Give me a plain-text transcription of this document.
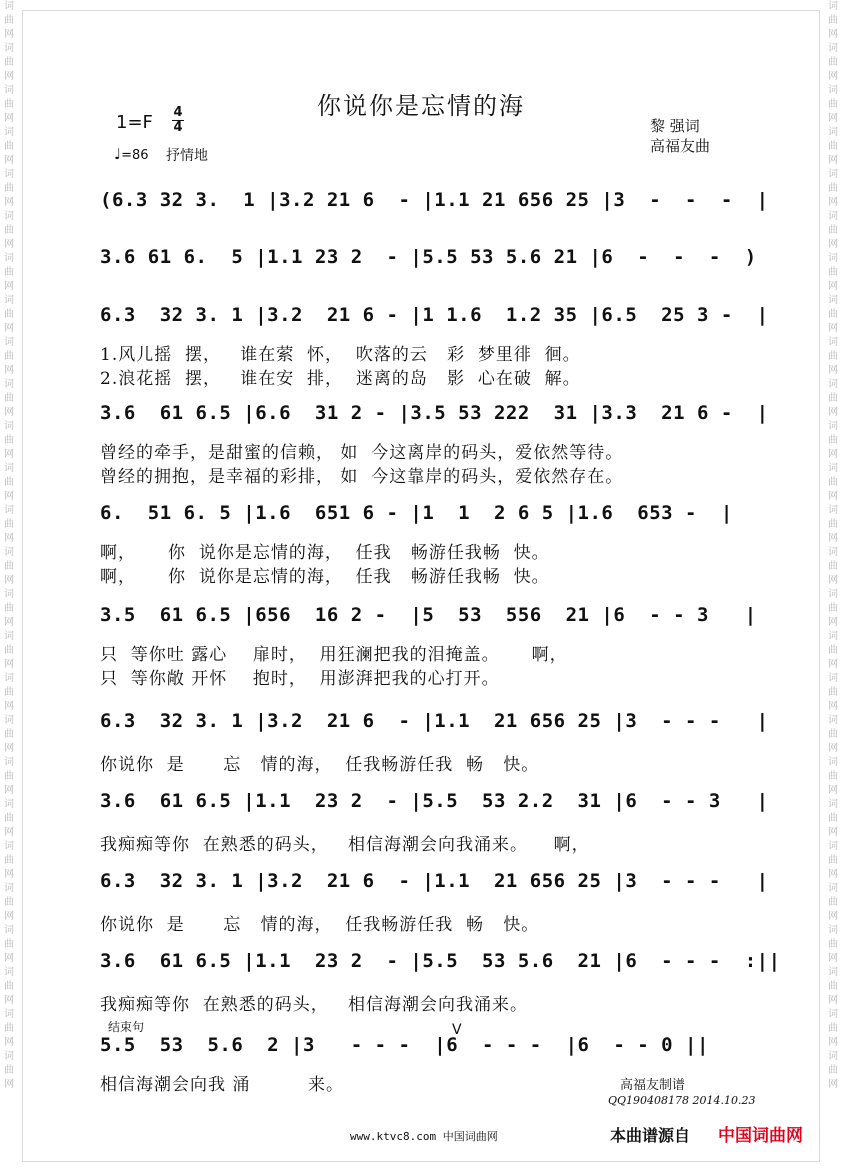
词曲网词曲网词曲网词曲网词曲网词曲网词曲网词曲网词曲网词曲网词曲网词曲网词曲网词曲网词曲网词曲网词曲网词曲网词曲网词曲网词曲网词曲网词曲网词曲网词曲网词曲网
词曲网词曲网词曲网词曲网词曲网词曲网词曲网词曲网词曲网词曲网词曲网词曲网词曲网词曲网词曲网词曲网词曲网词曲网词曲网词曲网词曲网词曲网词曲网词曲网词曲网词曲网
你说你是忘情的海
1=F 4
4
♩=86 抒情地
黎 强词
高福友曲
(6.3 32 3.  1 |3.2 21 6  - |1.1 21 656 25 |3  -  -  -  |
3.6 61 6.  5 |1.1 23 2  - |5.5 53 5.6 21 |6  -  -  -  )
6.3  32 3. 1 |3.2  21 6 - |1 1.6  1.2 35 |6.5  25 3 -  |
1.风儿摇  摆，   谁在萦  怀，  吹落的云   彩  梦里徘  徊。
2.浪花摇  摆，   谁在安  排，  迷离的岛   影  心在破  解。
3.6  61 6.5 |6.6  31 2 - |3.5 53 222  31 |3.3  21 6 -  |
曾经的牵手，是甜蜜的信赖， 如  今这离岸的码头，爱依然等待。
曾经的拥抱，是幸福的彩排， 如  今这靠岸的码头，爱依然存在。
6.  51 6. 5 |1.6  651 6 - |1  1  2 6 5 |1.6  653 -  |
啊，     你  说你是忘情的海，  任我   畅游任我畅  快。
啊，     你  说你是忘情的海，  任我   畅游任我畅  快。
3.5  61 6.5 |656  16 2 -  |5  53  556  21 |6  - - 3   |
只  等你吐 露心    扉时，  用狂澜把我的泪掩盖。     啊，
只  等你敞 开怀    抱时，  用澎湃把我的心打开。
6.3  32 3. 1 |3.2  21 6  - |1.1  21 656 25 |3  - - -   |
你说你  是      忘   情的海，  任我畅游任我  畅   快。
3.6  61 6.5 |1.1  23 2  - |5.5  53 2.2  31 |6  - - 3   |
我痴痴等你  在熟悉的码头，   相信海潮会向我涌来。    啊，
6.3  32 3. 1 |3.2  21 6  - |1.1  21 656 25 |3  - - -   |
你说你  是      忘   情的海，  任我畅游任我  畅   快。
3.6  61 6.5 |1.1  23 2  - |5.5  53 5.6  21 |6  - - -  :||
我痴痴等你  在熟悉的码头，   相信海潮会向我涌来。
结束句
5.5  53  5.6  2 |3   - - -  |6  - - -  |6  - - 0 ||
相信海潮会向我 涌         来。
V
高福友制谱
QQ190408178 2014.10.23
www.ktvc8.com 中国词曲网	本曲谱源自 中国词曲网
